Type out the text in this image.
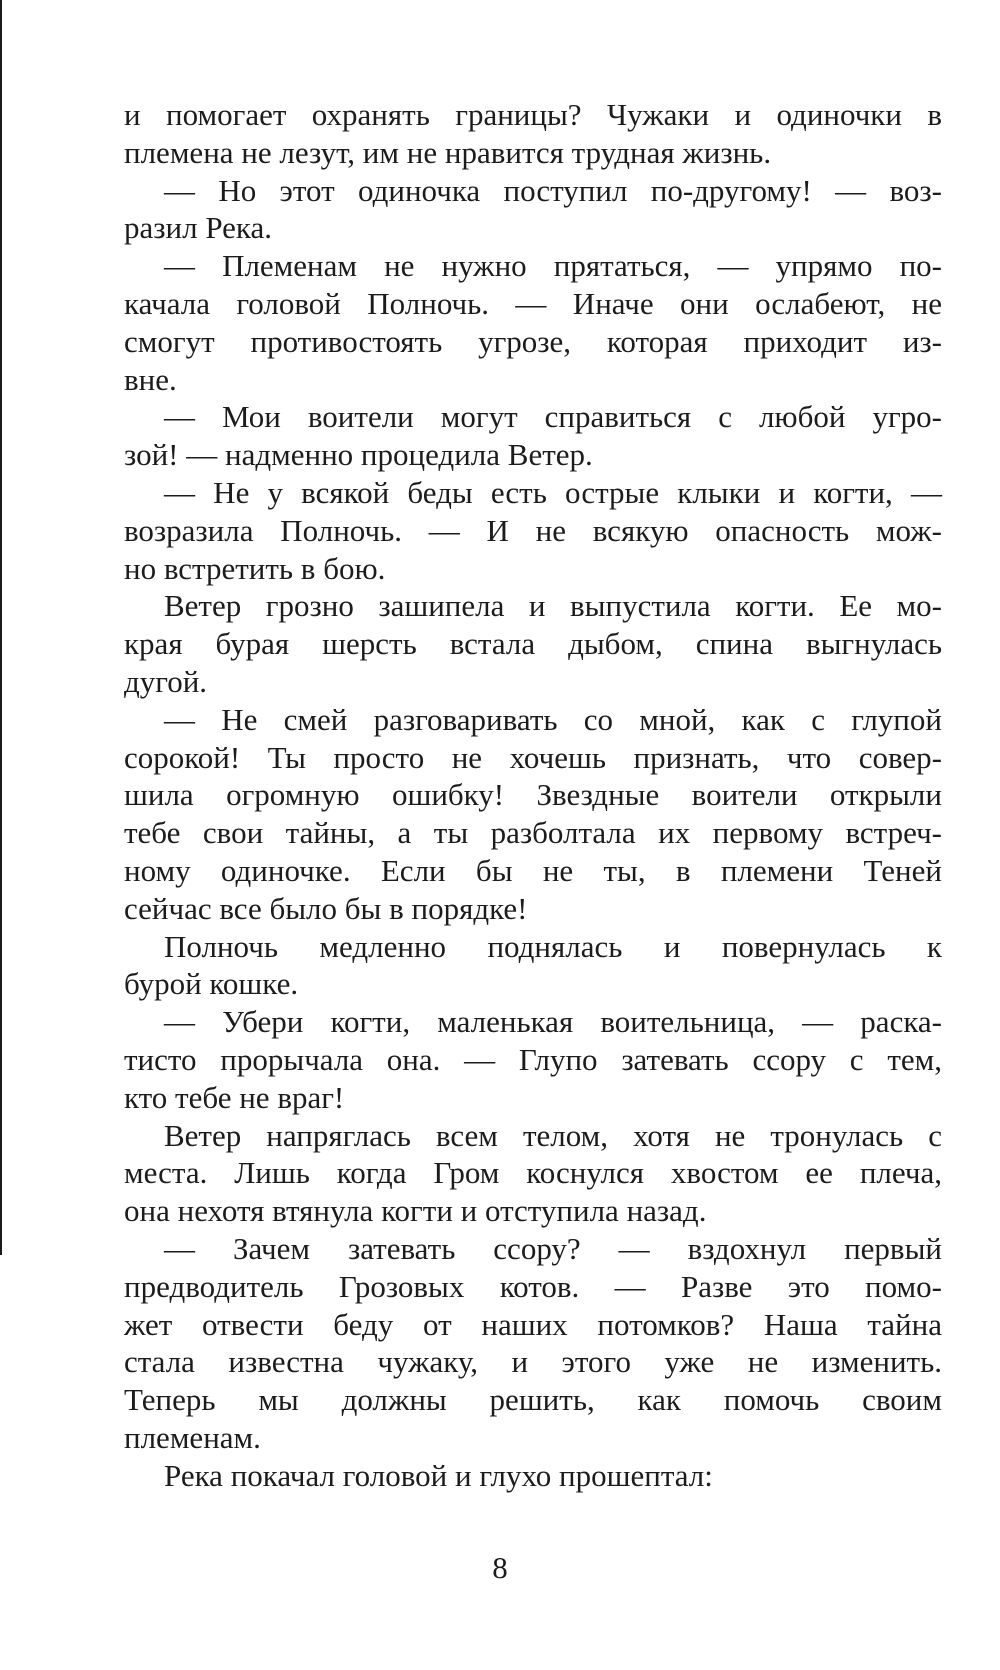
и помогает охранять границы? Чужаки и одиночки в
племена не лезут, им не нравится трудная жизнь.
— Но этот одиночка поступил по-другому! — воз-
разил Река.
— Племенам не нужно прятаться, — упрямо по-
качала головой Полночь. — Иначе они ослабеют, не
смогут противостоять угрозе, которая приходит из-
вне.
— Мои воители могут справиться с любой угро-
зой! — надменно процедила Ветер.
— Не у всякой беды есть острые клыки и когти, —
возразила Полночь. — И не всякую опасность мож-
но встретить в бою.
Ветер грозно зашипела и выпустила когти. Ее мо-
края бурая шерсть встала дыбом, спина выгнулась
дугой.
— Не смей разговаривать со мной, как с глупой
сорокой! Ты просто не хочешь признать, что совер-
шила огромную ошибку! Звездные воители открыли
тебе свои тайны, а ты разболтала их первому встреч-
ному одиночке. Если бы не ты, в племени Теней
сейчас все было бы в порядке!
Полночь медленно поднялась и повернулась к
бурой кошке.
— Убери когти, маленькая воительница, — раска-
тисто прорычала она. — Глупо затевать ссору с тем,
кто тебе не враг!
Ветер напряглась всем телом, хотя не тронулась с
места. Лишь когда Гром коснулся хвостом ее плеча,
она нехотя втянула когти и отступила назад.
— Зачем затевать ссору? — вздохнул первый
предводитель Грозовых котов. — Разве это помо-
жет отвести беду от наших потомков? Наша тайна
стала известна чужаку, и этого уже не изменить.
Теперь мы должны решить, как помочь своим
племенам.
Река покачал головой и глухо прошептал:
8
